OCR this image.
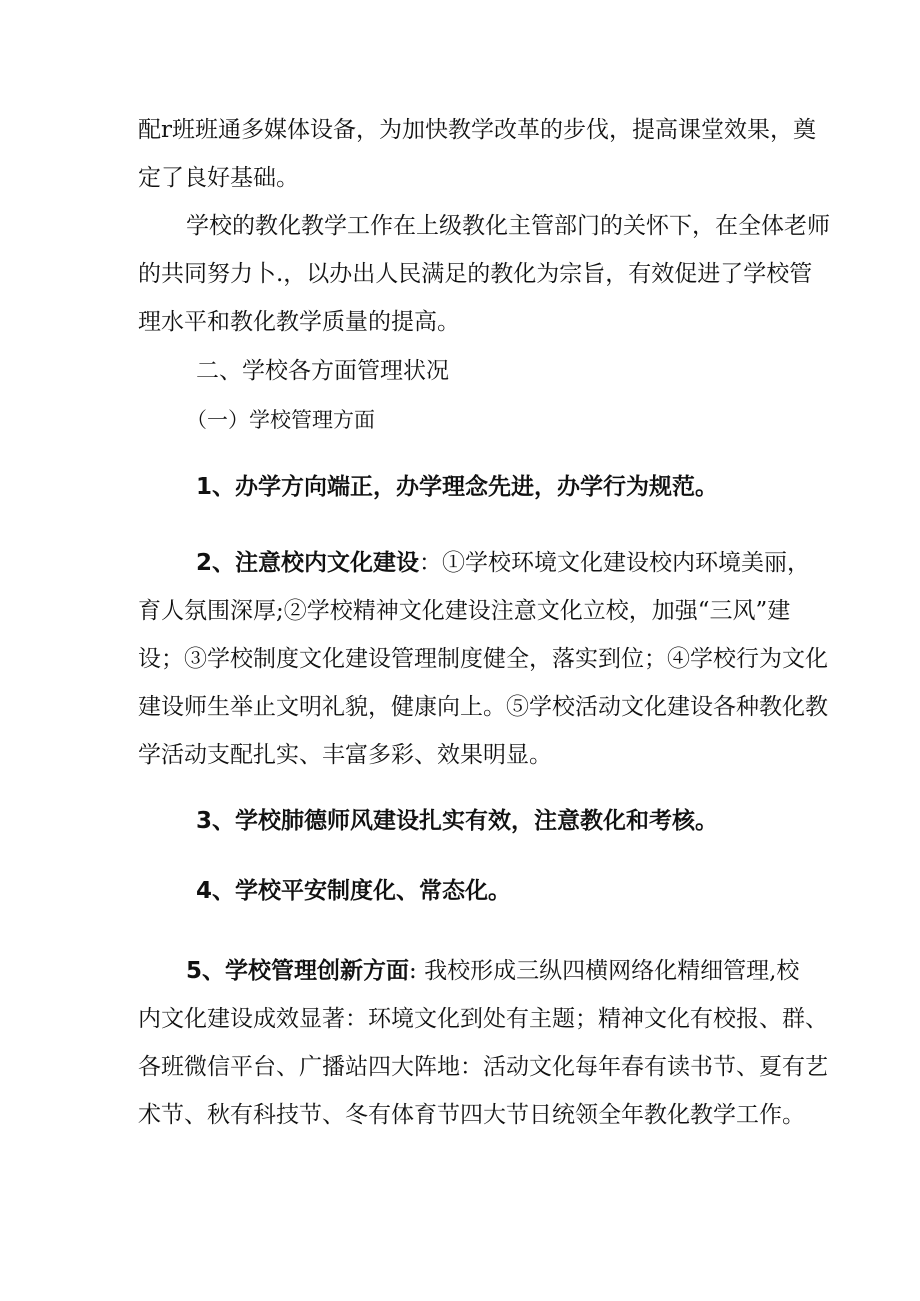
配r班班通多媒体设备，为加快教学改革的步伐，提高课堂效果，奠
定了良好基础。
学校的教化教学工作在上级教化主管部门的关怀下，在全体老师
的共同努力卜.，以办出人民满足的教化为宗旨，有效促进了学校管
理水平和教化教学质量的提高。
二、学校各方面管理状况
（一）学校管理方面
1、办学方向端正，办学理念先进，办学行为规范。
2、注意校内文化建设：①学校环境文化建设校内环境美丽，
育人氛围深厚;②学校精神文化建设注意文化立校，加强“三风”建
设；③学校制度文化建设管理制度健全，落实到位；④学校行为文化
建设师生举止文明礼貌，健康向上。⑤学校活动文化建设各种教化教
学活动支配扎实、丰富多彩、效果明显。
3、学校肺德师风建设扎实有效，注意教化和考核。
4、学校平安制度化、常态化。
5、学校管理创新方面: 我校形成三纵四横网络化精细管理,校
内文化建设成效显著：环境文化到处有主题；精神文化有校报、群、
各班微信平台、广播站四大阵地：活动文化每年春有读书节、夏有艺
术节、秋有科技节、冬有体育节四大节日统领全年教化教学工作。
